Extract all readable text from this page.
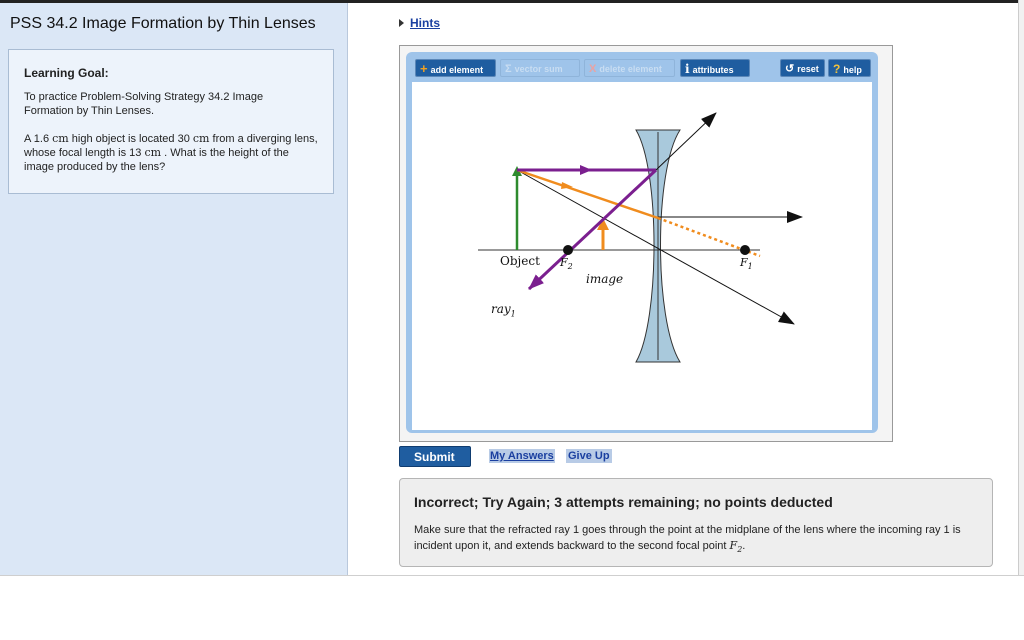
PSS 34.2 Image Formation by Thin Lenses
Learning Goal:
To practice Problem-Solving Strategy 34.2 Image Formation by Thin Lenses.
A 1.6 cm high object is located 30 cm from a diverging lens, whose focal length is 13 cm . What is the height of the image produced by the lens?
Hints
+ add element	Σ vector sum	X delete element	i attributes	↺ reset	? help
Object $F_2$	$F_1$
image
ray$_1$
Submit	My Answers Give Up
Incorrect; Try Again; 3 attempts remaining; no points deducted
Make sure that the refracted ray 1 goes through the point at the midplane of the lens where the incoming ray 1 is incident upon it, and extends backward to the second focal point $F_2$.
